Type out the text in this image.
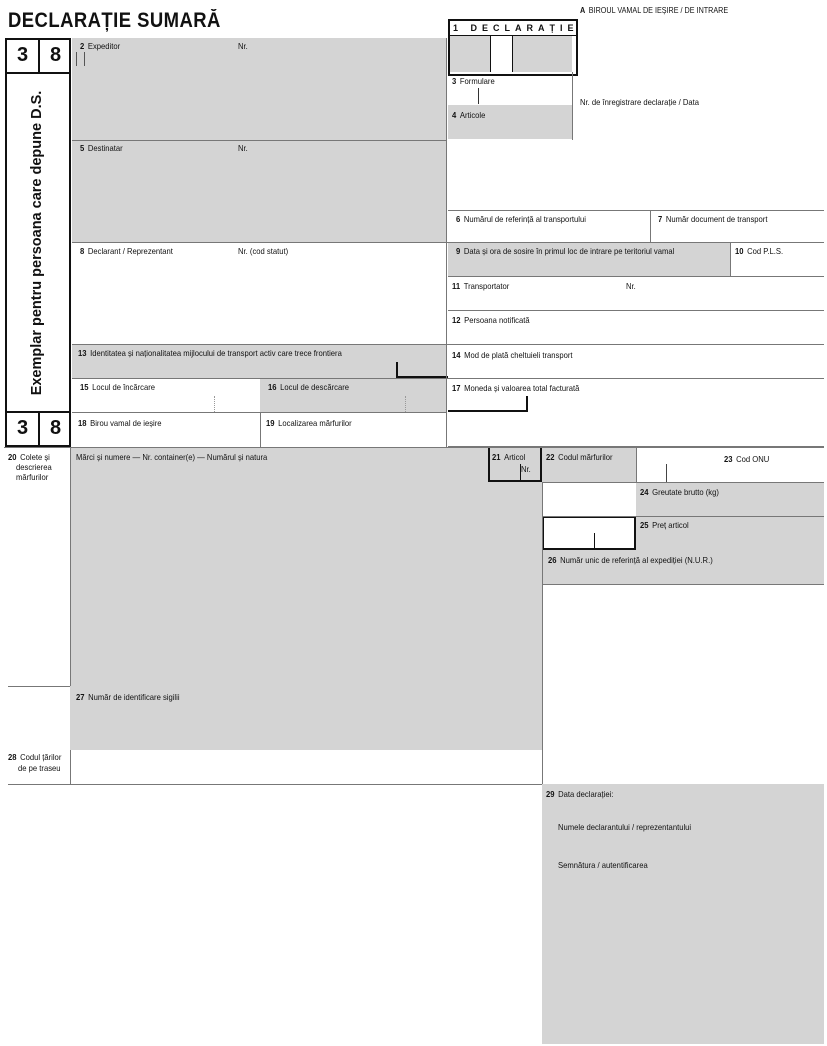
DECLARAȚIE SUMARĂ	A BIROUL VAMAL DE IEȘIRE / DE INTRARE
1 DECLARAȚIE
3	8
Exemplar pentru persoana care depune D.S.
3	8
2 Expeditor	Nr.
5 Destinatar	Nr.
8 Declarant / Reprezentant	Nr. (cod statut)
13 Identitatea și naționalitatea mijlocului de transport activ care trece frontiera
15 Locul de încărcare	16 Locul de descărcare
18 Birou vamal de ieșire	19 Localizarea mărfurilor
3 Formulare
4 Articole
Nr. de înregistrare declarație / Data
6 Numărul de referință al transportului	7 Număr document de transport
9 Data și ora de sosire în primul loc de intrare pe teritoriul vamal	10 Cod P.L.S.
11 Transportator	Nr.
12 Persoana notificată
14 Mod de plată cheltuieli transport
17 Moneda și valoarea total facturată
20 Colete și
descrierea
mărfurilor
Mărci și numere — Nr. container(e) — Numărul și natura	21 Articol
Nr.
22 Codul mărfurilor	23 Cod ONU
24 Greutate brutto (kg)
25 Preț articol
26 Număr unic de referință al expediției (N.U.R.)
27 Număr de identificare sigilii
28 Codul țărilor
de pe traseu
29 Data declarației:
Numele declarantului / reprezentantului
Semnătura / autentificarea
